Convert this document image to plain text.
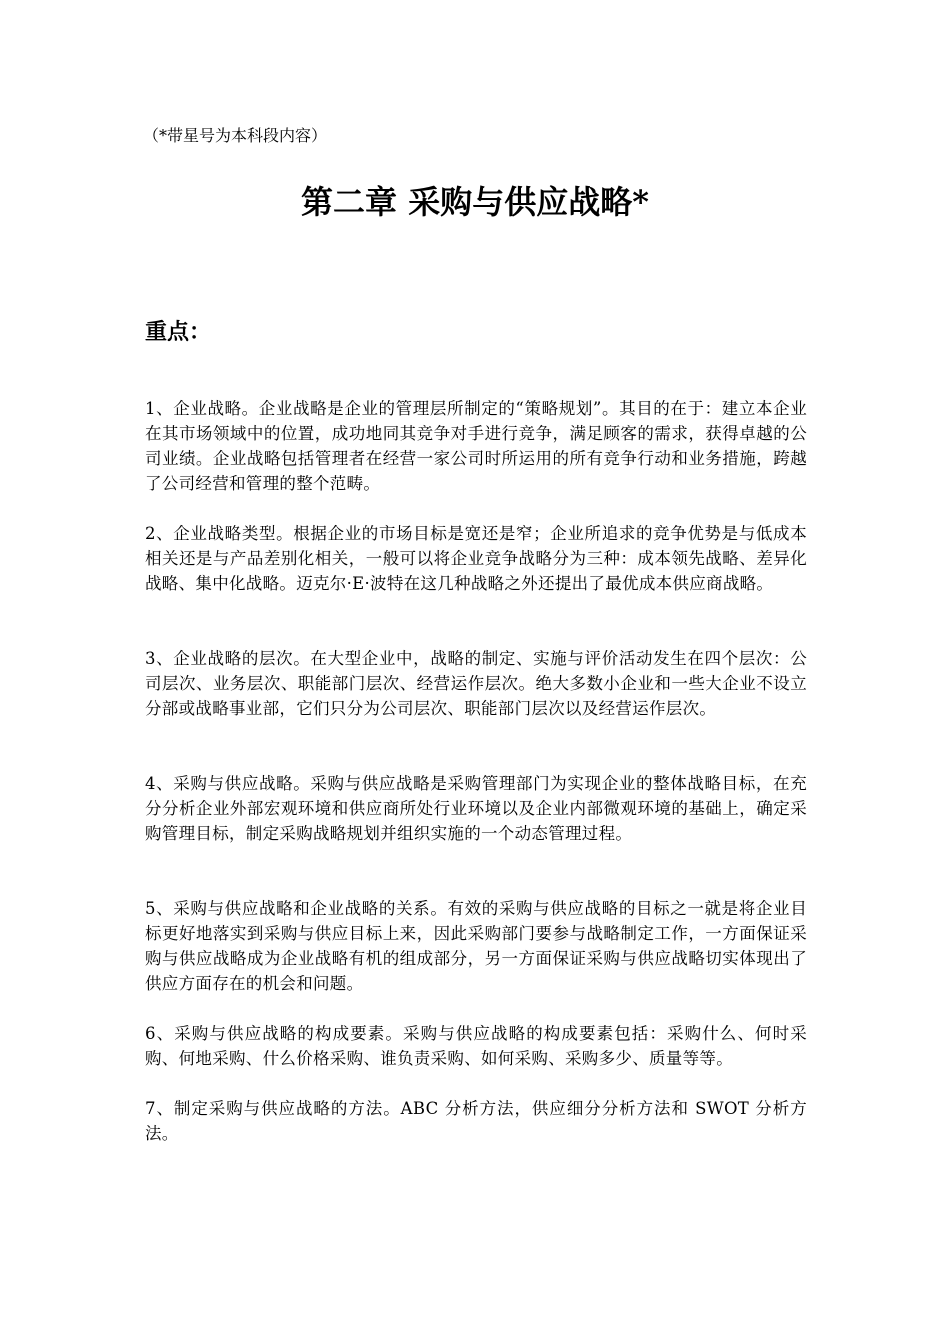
（*带星号为本科段内容）
第二章 采购与供应战略*
重点：
1、企业战略。企业战略是企业的管理层所制定的“策略规划”。其目的在于：建立本企业在其市场领域中的位置，成功地同其竞争对手进行竞争，满足顾客的需求，获得卓越的公司业绩。企业战略包括管理者在经营一家公司时所运用的所有竞争行动和业务措施，跨越了公司经营和管理的整个范畴。
2、企业战略类型。根据企业的市场目标是宽还是窄；企业所追求的竞争优势是与低成本相关还是与产品差别化相关，一般可以将企业竞争战略分为三种：成本领先战略、差异化战略、集中化战略。迈克尔·E·波特在这几种战略之外还提出了最优成本供应商战略。
3、企业战略的层次。在大型企业中，战略的制定、实施与评价活动发生在四个层次：公司层次、业务层次、职能部门层次、经营运作层次。绝大多数小企业和一些大企业不设立分部或战略事业部，它们只分为公司层次、职能部门层次以及经营运作层次。
4、采购与供应战略。采购与供应战略是采购管理部门为实现企业的整体战略目标，在充分分析企业外部宏观环境和供应商所处行业环境以及企业内部微观环境的基础上，确定采购管理目标，制定采购战略规划并组织实施的一个动态管理过程。
5、采购与供应战略和企业战略的关系。有效的采购与供应战略的目标之一就是将企业目标更好地落实到采购与供应目标上来，因此采购部门要参与战略制定工作，一方面保证采购与供应战略成为企业战略有机的组成部分，另一方面保证采购与供应战略切实体现出了供应方面存在的机会和问题。
6、采购与供应战略的构成要素。采购与供应战略的构成要素包括：采购什么、何时采购、何地采购、什么价格采购、谁负责采购、如何采购、采购多少、质量等等。
7、制定采购与供应战略的方法。ABC 分析方法，供应细分分析方法和 SWOT 分析方法。
